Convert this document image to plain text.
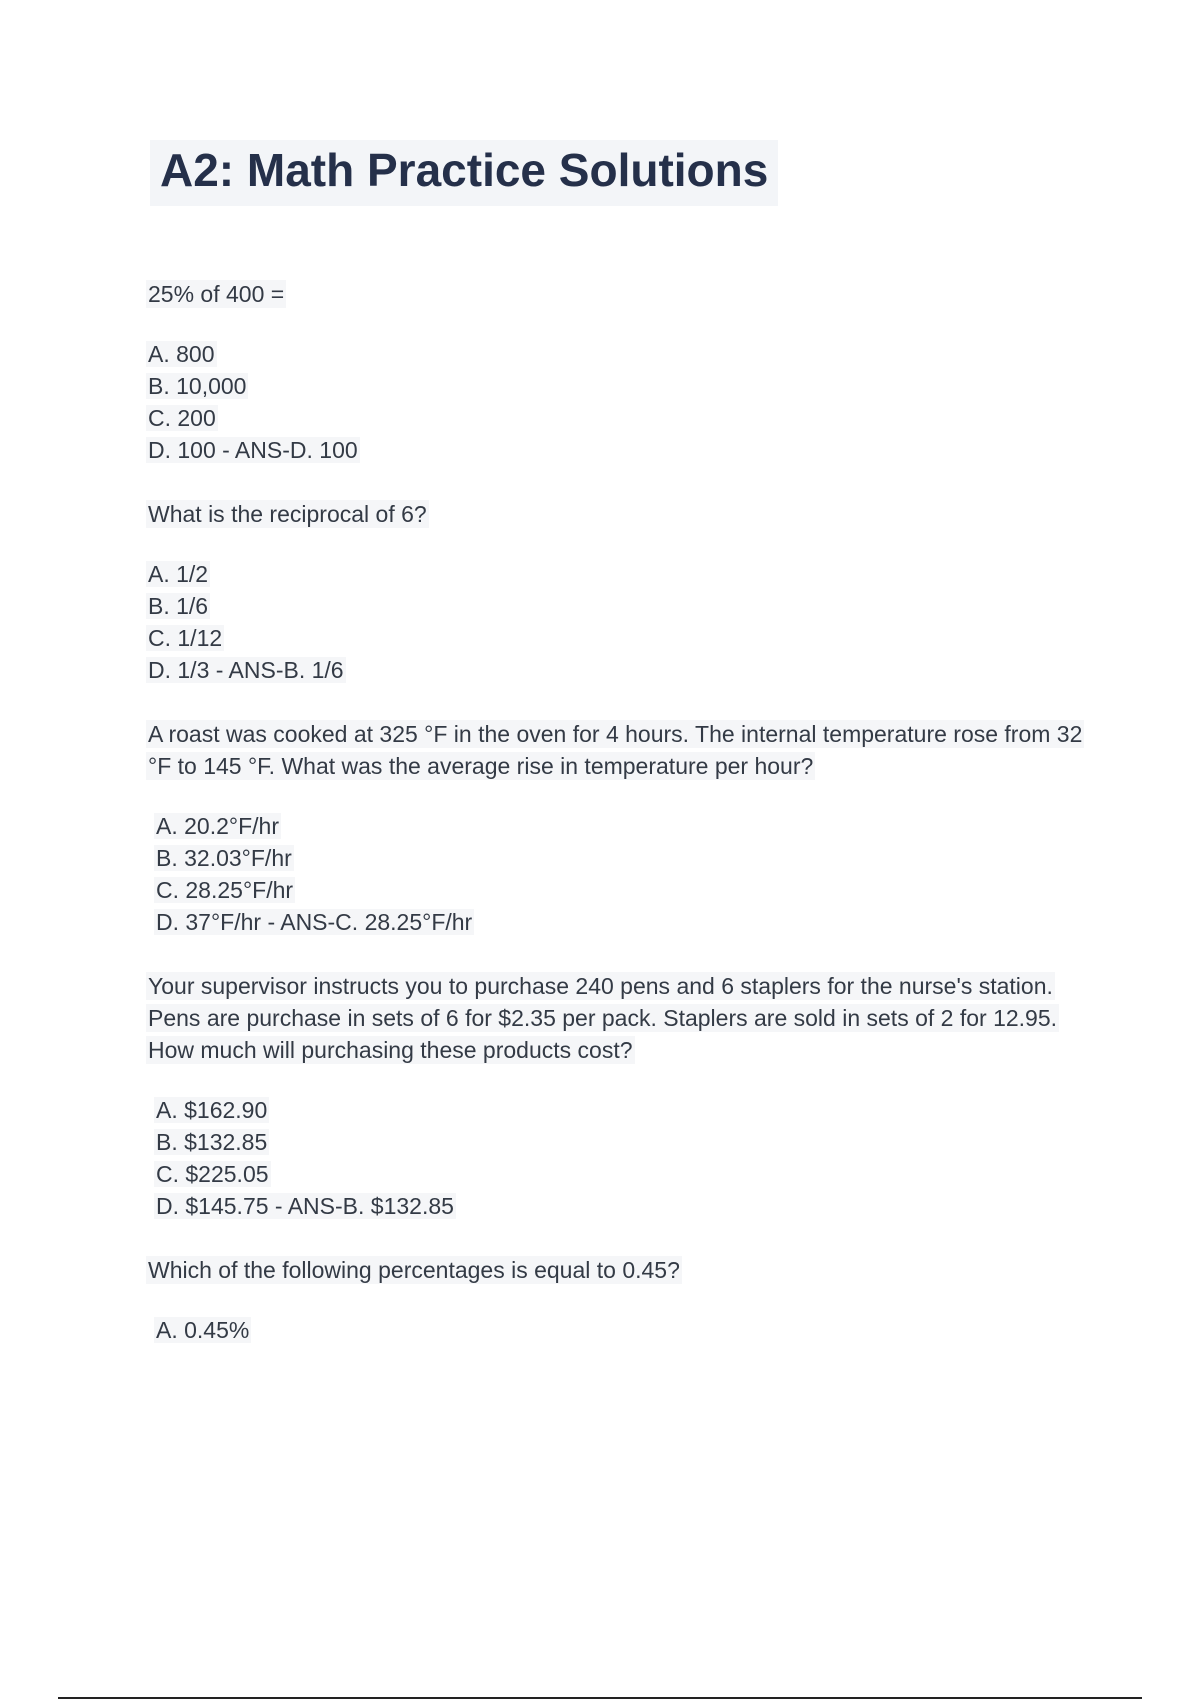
A2: Math Practice Solutions

25% of 400 =

A. 800
B. 10,000
C. 200
D. 100 - ANS-D. 100

What is the reciprocal of 6?

A. 1/2
B. 1/6
C. 1/12
D. 1/3 - ANS-B. 1/6

A roast was cooked at 325 °F in the oven for 4 hours. The internal temperature rose from 32 °F to 145 °F. What was the average rise in temperature per hour?

A. 20.2°F/hr
B. 32.03°F/hr
C. 28.25°F/hr
D. 37°F/hr - ANS-C. 28.25°F/hr

Your supervisor instructs you to purchase 240 pens and 6 staplers for the nurse's station. Pens are purchase in sets of 6 for $2.35 per pack. Staplers are sold in sets of 2 for 12.95. How much will purchasing these products cost?

A. $162.90
B. $132.85
C. $225.05
D. $145.75 - ANS-B. $132.85

Which of the following percentages is equal to 0.45?

A. 0.45%
